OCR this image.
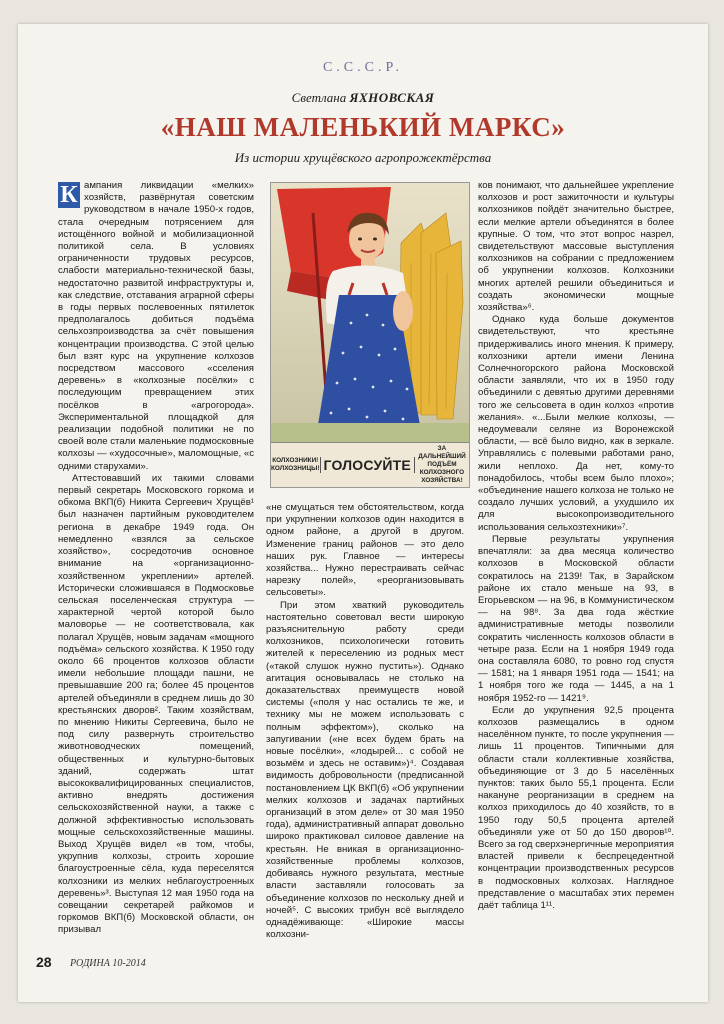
С.С.С.Р.
Светлана ЯХНОВСКАЯ
«НАШ МАЛЕНЬКИЙ МАРКС»
Из истории хрущёвского агропрожектёрства

К ампания ликвидации «мелких» хозяйств, развёрнутая советским руководством в начале 1950-х годов, стала очередным потрясением для истощённого войной и мобилизационной политикой села. В условиях ограниченности трудовых ресурсов, слабости материально-технической базы, недостаточно развитой инфраструктуры и, как следствие, отставания аграрной сферы в годы первых послевоенных пятилеток предполагалось добиться подъёма сельхозпроизводства за счёт повышения концентрации производства. С этой целью был взят курс на укрупнение колхозов посредством массового «сселения деревень» в «колхозные посёлки» с последующим превращением этих посёлков в «агрогорода». Экспериментальной площадкой для реализации подобной политики не по своей воле стали маленькие подмосковные колхозы — «худосочные», маломощные, «с одними старухами».

Аттестовавший их такими словами первый секретарь Московского горкома и обкома ВКП(б) Никита Сергеевич Хрущёв¹ был назначен партийным руководителем региона в декабре 1949 года. Он немедленно «взялся за сельское хозяйство», сосредоточив основное внимание на «организационно-хозяйственном укреплении» артелей. Исторически сложившаяся в Подмосковье сельская поселенческая структура — характерной чертой которой было маловорье — не соответствовала, как полагал Хрущёв, новым задачам «мощного подъёма» сельского хозяйства. К 1950 году около 66 процентов колхозов области имели небольшие площади пашни, не превышавшие 200 га; более 45 процентов артелей объединяли в среднем лишь до 30 крестьянских дворов². Таким хозяйствам, по мнению Никиты Сергеевича, было не под силу развернуть строительство животноводческих помещений, общественных и культурно-бытовых зданий, содержать штат высококвалифицированных специалистов, активно внедрять достижения сельскохозяйственной науки, а также с должной эффективностью использовать мощные сельскохозяйственные машины. Выход Хрущёв видел «в том, чтобы, укрупнив колхозы, строить хорошие благоустроенные сёла, куда переселятся колхозники из мелких неблагоустроенных деревень»³. Выступая 12 мая 1950 года на совещании секретарей райкомов и горкомов ВКП(б) Московской области, он призывал

КОЛХОЗНИКИ! КОЛХОЗНИЦЫ! ГОЛОСУЙТЕ
ЗА ДАЛЬНЕЙШИЙ ПОДЪЁМ КОЛХОЗНОГО ХОЗЯЙСТВА!

«не смущаться тем обстоятельством, когда при укрупнении колхозов один находится в одном районе, а другой в другом. Изменение границ районов — это дело наших рук. Главное — интересы хозяйства... Нужно перестраивать сейчас нарезку полей», «реорганизовывать сельсоветы».

При этом хваткий руководитель настоятельно советовал вести широкую разъяснительную работу среди колхозников, психологически готовить жителей к переселению из родных мест («такой слушок нужно пустить»). Однако агитация основывалась не столько на доказательствах преимуществ новой системы («поля у нас остались те же, и технику мы не можем использовать с полным эффектом»), сколько на запугивании («не всех будем брать на новые посёлки», «лодырей... с собой не возьмём и здесь не оставим»)⁴. Создавая видимость добровольности (предписанной постановлением ЦК ВКП(б) «Об укрупнении мелких колхозов и задачах партийных организаций в этом деле» от 30 мая 1950 года), административный аппарат довольно широко практиковал силовое давление на крестьян. Не вникая в организационно-хозяйственные проблемы колхозов, добиваясь нужного результата, местные власти заставляли голосовать за объединение колхозов по нескольку дней и ночей⁵. С высоких трибун всё выглядело однадёживающе: «Широкие массы колхозни-

ков понимают, что дальнейшее укрепление колхозов и рост зажиточности и культуры колхозников пойдёт значительно быстрее, если мелкие артели объединятся в более крупные. О том, что этот вопрос назрел, свидетельствуют массовые выступления колхозников на собрании с предложением об укрупнении колхозов. Колхозники многих артелей решили объединиться и создать экономически мощные хозяйства»⁶.

Однако куда больше документов свидетельствуют, что крестьяне придерживались иного мнения. К примеру, колхозники артели имени Ленина Солнечногорского района Московской области заявляли, что их в 1950 году объединили с девятью другими деревнями того же сельсовета в один колхоз «против желания». «...Были мелкие колхозы, — недоумевали селяне из Воронежской области, — всё было видно, как в зеркале. Управлялись с полевыми работами рано, жили неплохо. Да нет, кому-то понадобилось, чтобы всем было плохо»; «объединение нашего колхоза не только не создало лучших условий, а ухудшило их для высокопроизводительного использования сельхозтехники»⁷.

Первые результаты укрупнения впечатляли: за два месяца количество колхозов в Московской области сократилось на 2139! Так, в Зарайском районе их стало меньше на 93, в Егорьевском — на 96, в Коммунистическом — на 98⁸. За два года жёсткие административные методы позволили сократить численность колхозов области в четыре раза. Если на 1 ноября 1949 года она составляла 6080, то ровно год спустя — 1581; на 1 января 1951 года — 1541; на 1 ноября того же года — 1445, а на 1 ноября 1952-го — 1421⁹.

Если до укрупнения 92,5 процента колхозов размещались в одном населённом пункте, то после укрупнения — лишь 11 процентов. Типичными для области стали коллективные хозяйства, объединяющие от 3 до 5 населённых пунктов: таких было 55,1 процента. Если накануне реорганизации в среднем на колхоз приходилось до 40 хозяйств, то в 1950 году 50,5 процента артелей объединяли уже от 50 до 150 дворов¹⁰. Всего за год сверхэнергичные мероприятия властей привели к беспрецедентной концентрации производственных ресурсов в подмосковных колхозах. Наглядное представление о масштабах этих перемен даёт таблица 1¹¹.

28 РОДИНА 10-2014
